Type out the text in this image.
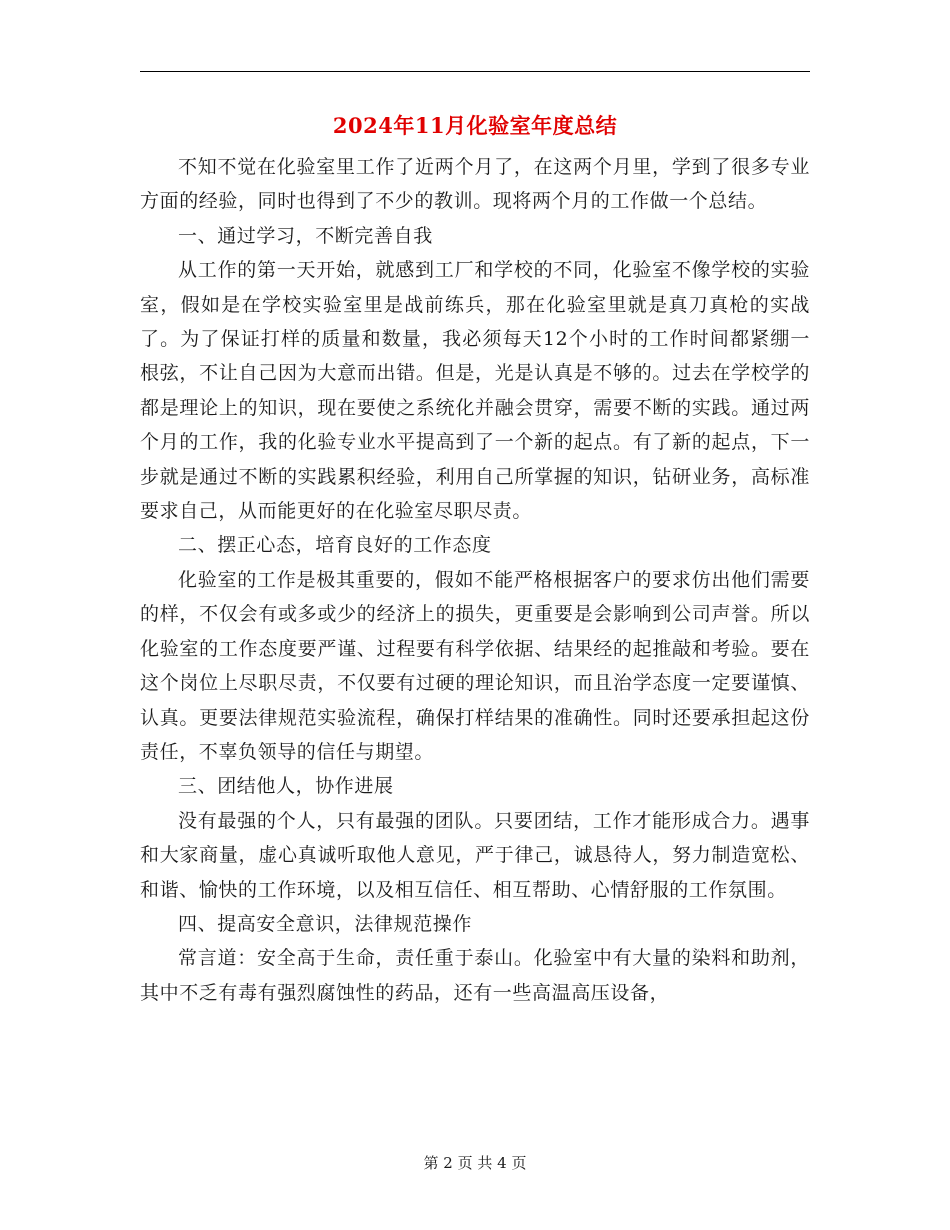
2024年11月化验室年度总结

不知不觉在化验室里工作了近两个月了，在这两个月里，学到了很多专业方面的经验，同时也得到了不少的教训。现将两个月的工作做一个总结。

一、通过学习，不断完善自我

从工作的第一天开始，就感到工厂和学校的不同，化验室不像学校的实验室，假如是在学校实验室里是战前练兵，那在化验室里就是真刀真枪的实战了。为了保证打样的质量和数量，我必须每天12个小时的工作时间都紧绷一根弦，不让自己因为大意而出错。但是，光是认真是不够的。过去在学校学的都是理论上的知识，现在要使之系统化并融会贯穿，需要不断的实践。通过两个月的工作，我的化验专业水平提高到了一个新的起点。有了新的起点，下一步就是通过不断的实践累积经验，利用自己所掌握的知识，钻研业务，高标准要求自己，从而能更好的在化验室尽职尽责。

二、摆正心态，培育良好的工作态度

化验室的工作是极其重要的，假如不能严格根据客户的要求仿出他们需要的样，不仅会有或多或少的经济上的损失，更重要是会影响到公司声誉。所以化验室的工作态度要严谨、过程要有科学依据、结果经的起推敲和考验。要在这个岗位上尽职尽责，不仅要有过硬的理论知识，而且治学态度一定要谨慎、认真。更要法律规范实验流程，确保打样结果的准确性。同时还要承担起这份责任，不辜负领导的信任与期望。

三、团结他人，协作进展

没有最强的个人，只有最强的团队。只要团结，工作才能形成合力。遇事和大家商量，虚心真诚听取他人意见，严于律己，诚恳待人，努力制造宽松、和谐、愉快的工作环境，以及相互信任、相互帮助、心情舒服的工作氛围。

四、提高安全意识，法律规范操作

常言道：安全高于生命，责任重于泰山。化验室中有大量的染料和助剂，其中不乏有毒有强烈腐蚀性的药品，还有一些高温高压设备，

第 2 页 共 4 页
